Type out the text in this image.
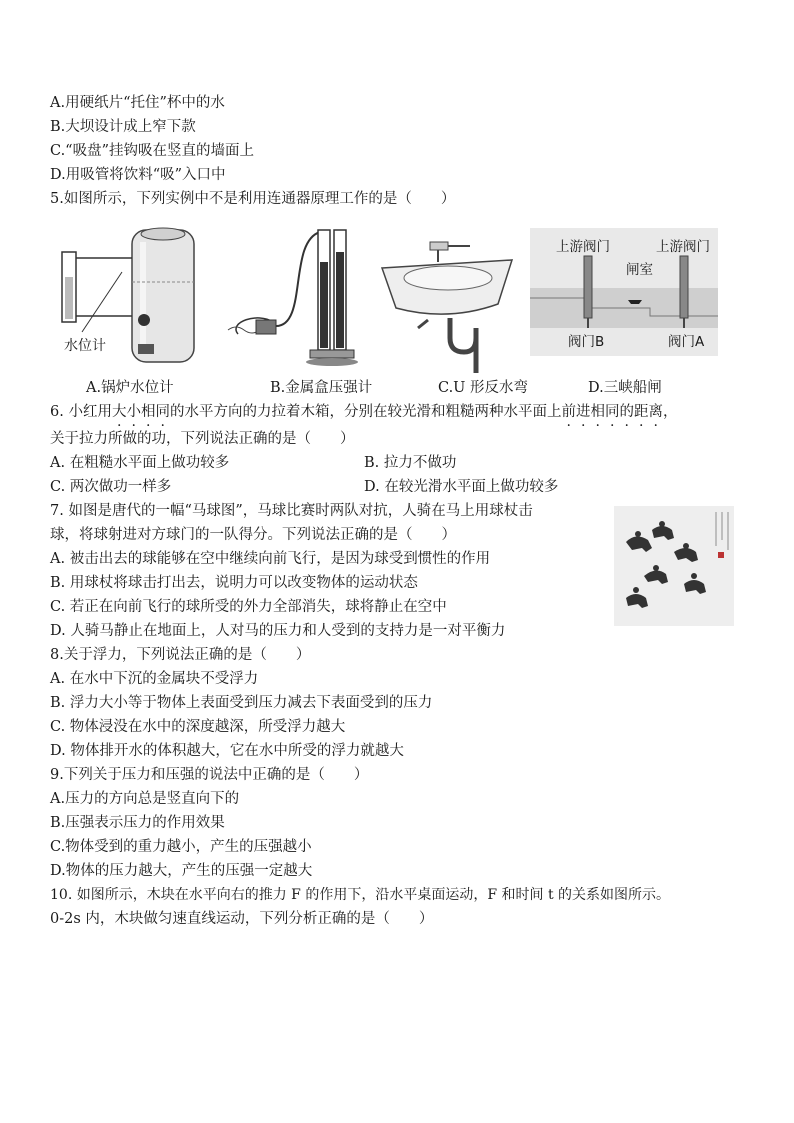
A.用硬纸片“托住”杯中的水
B.大坝设计成上窄下款
C.“吸盘”挂钩吸在竖直的墙面上
D.用吸管将饮料“吸”入口中
5.如图所示，下列实例中不是利用连通器原理工作的是（　　）
水位计
上游阀门	上游阀门
闸室
阀门B	阀门A
A.锅炉水位计	B.金属盒压强计	C.U 形反水弯	D.三峡船闸
6. 小红用大小相同的水平方向的力拉着木箱，分别在较光滑和粗糙两种水平面上前进相同的距离，
关于拉力所做的功，下列说法正确的是（　　）
A. 在粗糙水平面上做功较多	B. 拉力不做功
C. 两次做功一样多	D. 在较光滑水平面上做功较多
7. 如图是唐代的一幅“马球图”，马球比赛时两队对抗，人骑在马上用球杖击
球，将球射进对方球门的一队得分。下列说法正确的是（　　）
A. 被击出去的球能够在空中继续向前飞行，是因为球受到惯性的作用
B. 用球杖将球击打出去，说明力可以改变物体的运动状态
C. 若正在向前飞行的球所受的外力全部消失，球将静止在空中
D. 人骑马静止在地面上，人对马的压力和人受到的支持力是一对平衡力
8.关于浮力，下列说法正确的是（　　）
A. 在水中下沉的金属块不受浮力
B. 浮力大小等于物体上表面受到压力减去下表面受到的压力
C. 物体浸没在水中的深度越深，所受浮力越大
D. 物体排开水的体积越大，它在水中所受的浮力就越大
9.下列关于压力和压强的说法中正确的是（　　）
A.压力的方向总是竖直向下的
B.压强表示压力的作用效果
C.物体受到的重力越小，产生的压强越小
D.物体的压力越大，产生的压强一定越大
10. 如图所示，木块在水平向右的推力 F 的作用下，沿水平桌面运动，F 和时间 t 的关系如图所示。
0-2s 内，木块做匀速直线运动，下列分析正确的是（　　）
